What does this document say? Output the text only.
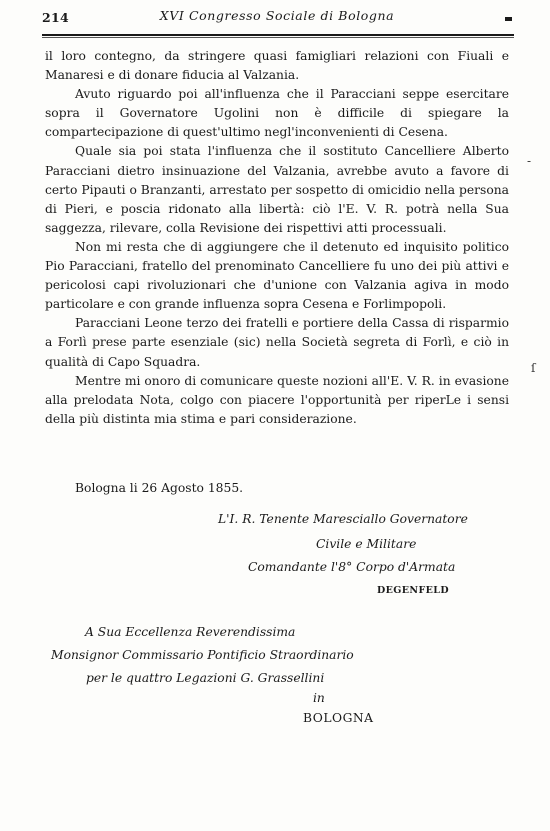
214	XVI Congresso Sociale di Bologna

il loro contegno, da stringere quasi famigliari relazioni con Fiuali e Manaresi e di donare fiducia al Valzania.

Avuto riguardo poi all'influenza che il Paracciani seppe esercitare sopra il Governatore Ugolini non è difficile di spiegare la compartecipazione di quest'ultimo negl'inconvenienti di Cesena.

Quale sia poi stata l'influenza che il sostituto Cancelliere Alberto Paracciani dietro insinuazione del Valzania, avrebbe avuto a favore di certo Pipauti o Branzanti, arrestato per sospetto di omicidio nella persona di Pieri, e poscia ridonato alla libertà: ciò l'E. V. R. potrà nella Sua saggezza, rilevare, colla Revisione dei rispettivi atti processuali.

Non mi resta che di aggiungere che il detenuto ed inquisito politico Pio Paracciani, fratello del prenominato Cancelliere fu uno dei più attivi e pericolosi capi rivoluzionari che d'unione con Valzania agiva in modo particolare e con grande influenza sopra Cesena e Forlimpopoli.

Paracciani Leone terzo dei fratelli e portiere della Cassa di risparmio a Forlì prese parte esenziale (sic) nella Società segreta di Forlì, e ciò in qualità di Capo Squadra.

Mentre mi onoro di comunicare queste nozioni all'E. V. R. in evasione alla prelodata Nota, colgo con piacere l'opportunità per riperLe i sensi della più distinta mia stima e pari considerazione.

Bologna li 26 Agosto 1855.
L'I. R. Tenente Maresciallo Governatore
Civile e Militare
Comandante l'8° Corpo d'Armata
DEGENFELD
A Sua Eccellenza Reverendissima
Monsignor Commissario Pontificio Straordinario
per le quattro Legazioni G. Grassellini
in
BOLOGNA
-
ſ
